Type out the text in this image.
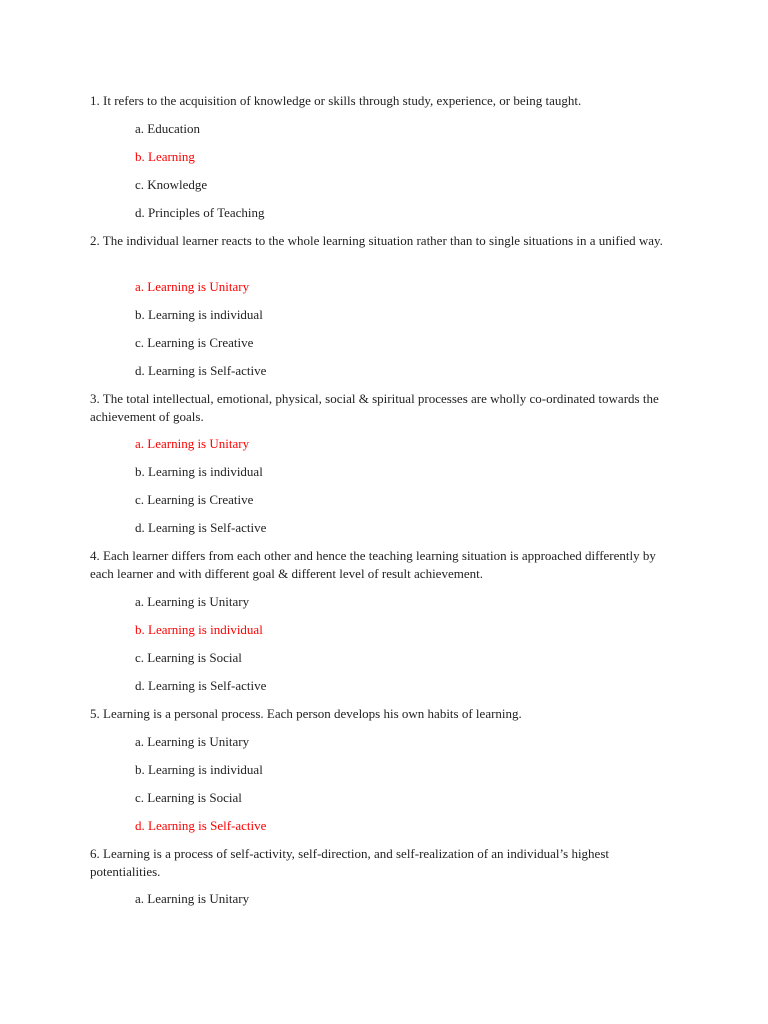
1. It refers to the acquisition of knowledge or skills through study, experience, or being taught.
a. Education
b. Learning
c. Knowledge
d. Principles of Teaching
2. The individual learner reacts to the whole learning situation rather than to single situations in a unified way.
a. Learning is Unitary
b. Learning is individual
c. Learning is Creative
d. Learning is Self-active
3. The total intellectual, emotional, physical, social & spiritual processes are wholly co-ordinated towards the achievement of goals.
a. Learning is Unitary
b. Learning is individual
c. Learning is Creative
d. Learning is Self-active
4. Each learner differs from each other and hence the teaching learning situation is approached differently by each learner and with different goal & different level of result achievement.
a. Learning is Unitary
b. Learning is individual
c. Learning is Social
d. Learning is Self-active
5. Learning is a personal process. Each person develops his own habits of learning.
a. Learning is Unitary
b. Learning is individual
c. Learning is Social
d. Learning is Self-active
6. Learning is a process of self-activity, self-direction, and self-realization of an individual’s highest potentialities.
a. Learning is Unitary
